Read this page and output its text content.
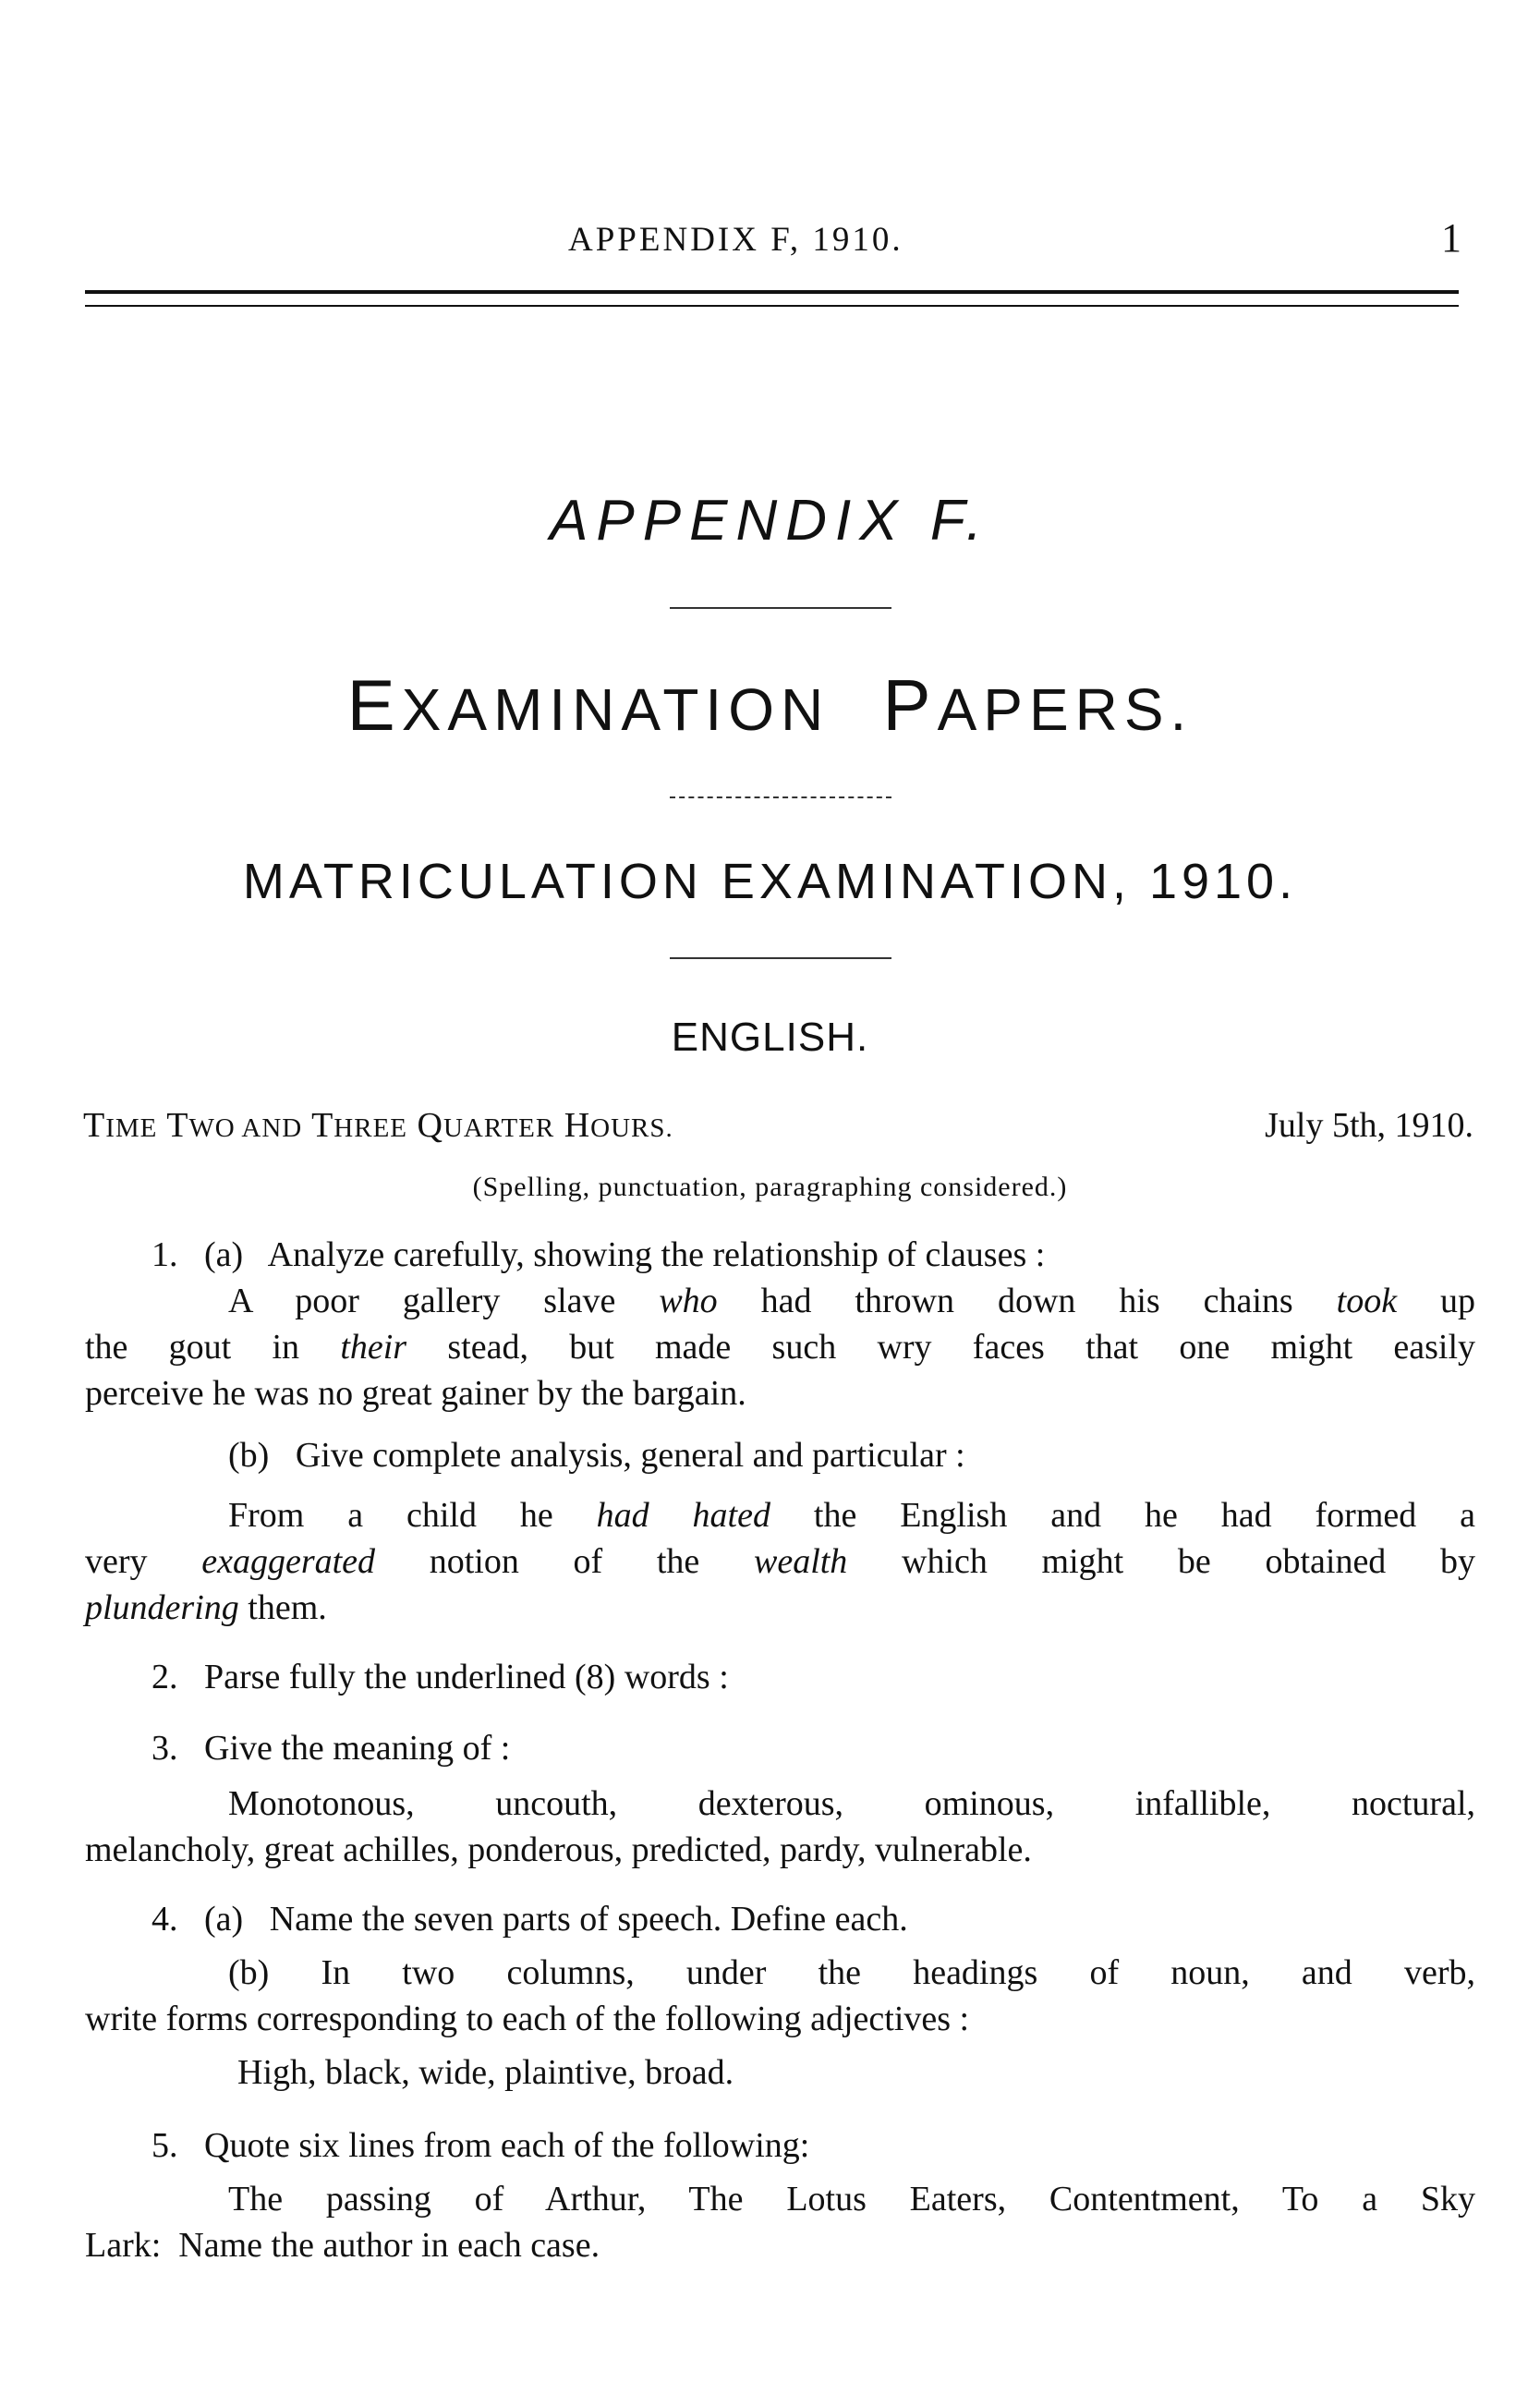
APPENDIX F, 1910.	1
APPENDIX F.
EXAMINATION PAPERS.
MATRICULATION EXAMINATION, 1910.
ENGLISH.
TIME TWO AND THREE QUARTER HOURS.	July 5th, 1910.
(Spelling, punctuation, paragraphing considered.)
1. (a) Analyze carefully, showing the relationship of clauses :
A poor gallery slave who had thrown down his chains took up
the gout in their stead, but made such wry faces that one might easily
perceive he was no great gainer by the bargain.
(b) Give complete analysis, general and particular :
From a child he had hated the English and he had formed a
very exaggerated notion of the wealth which might be obtained by
plundering them.
2. Parse fully the underlined (8) words :
3. Give the meaning of :
Monotonous, uncouth, dexterous, ominous, infallible, noctural,
melancholy, great achilles, ponderous, predicted, pardy, vulnerable.
4. (a) Name the seven parts of speech. Define each.
(b) In two columns, under the headings of noun, and verb,
write forms corresponding to each of the following adjectives :
High, black, wide, plaintive, broad.
5. Quote six lines from each of the following:
The passing of Arthur, The Lotus Eaters, Contentment, To a Sky
Lark: Name the author in each case.
